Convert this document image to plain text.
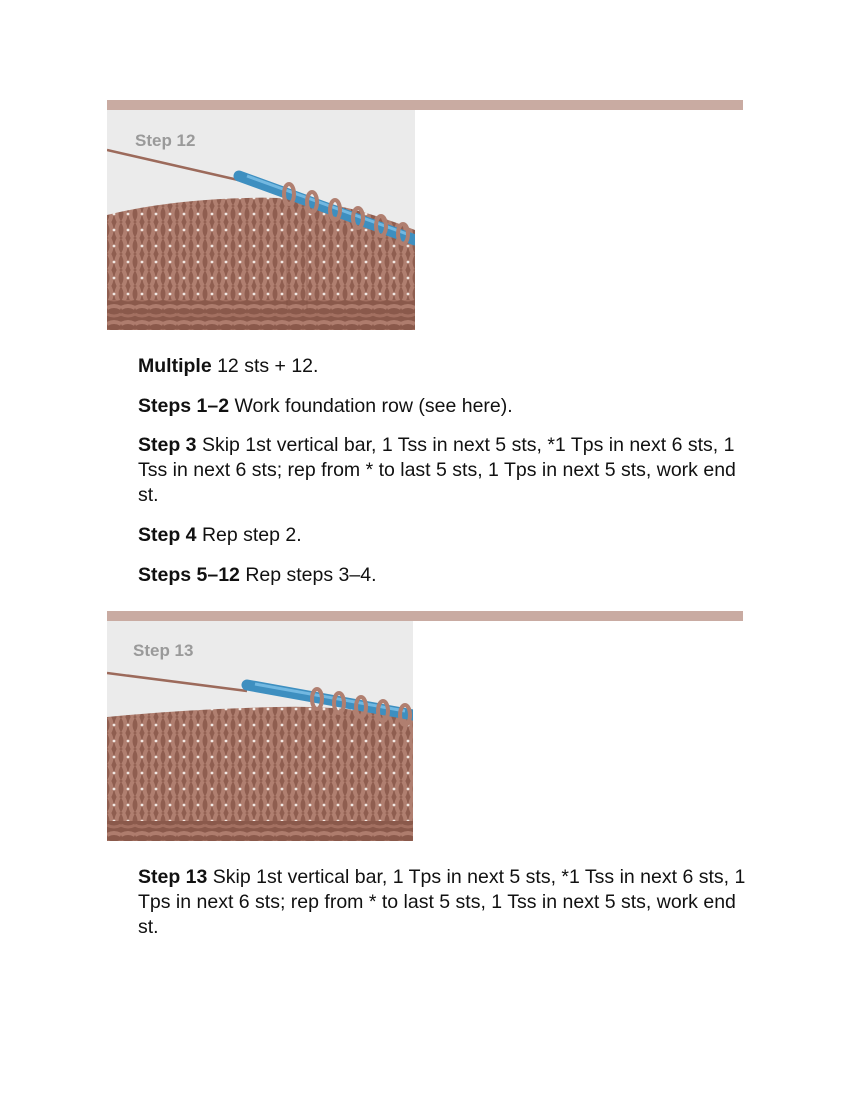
Step 12

Multiple 12 sts + 12.

Steps 1–2 Work foundation row (see here).

Step 3 Skip 1st vertical bar, 1 Tss in next 5 sts, *1 Tps in next 6 sts, 1 Tss in next 6 sts; rep from * to last 5 sts, 1 Tps in next 5 sts, work end st.

Step 4 Rep step 2.

Steps 5–12 Rep steps 3–4.

Step 13

Step 13 Skip 1st vertical bar, 1 Tps in next 5 sts, *1 Tss in next 6 sts, 1 Tps in next 6 sts; rep from * to last 5 sts, 1 Tss in next 5 sts, work end st.
